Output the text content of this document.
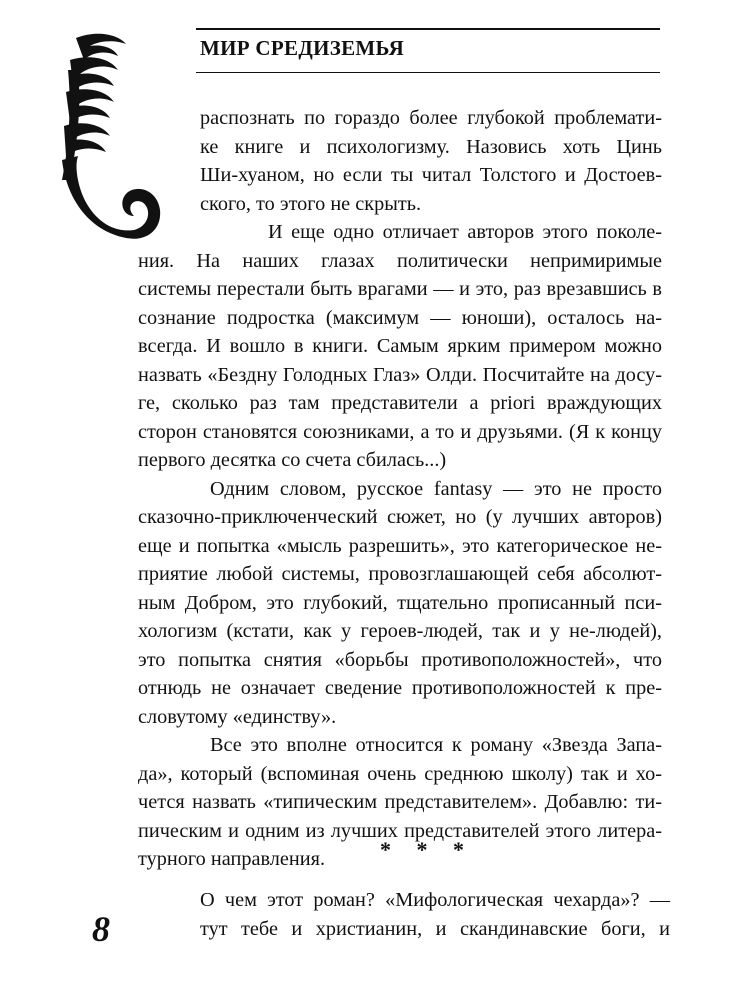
МИР СРЕДИЗЕМЬЯ
распознать по гораздо более глубокой проблемати-
ке книге и психологизму. Назовись хоть Цинь
Ши-хуаном, но если ты читал Толстого и Достоев-
ского, то этого не скрыть.
И еще одно отличает авторов этого поколе-
ния. На наших глазах политически непримиримые
системы перестали быть врагами — и это, раз врезавшись в
сознание подростка (максимум — юноши), осталось на-
всегда. И вошло в книги. Самым ярким примером можно
назвать «Бездну Голодных Глаз» Олди. Посчитайте на досу-
ге, сколько раз там представители a priori враждующих
сторон становятся союзниками, а то и друзьями. (Я к концу
первого десятка со счета сбилась...)
Одним словом, русское fantasy — это не просто
сказочно-приключенческий сюжет, но (у лучших авторов)
еще и попытка «мысль разрешить», это категорическое не-
приятие любой системы, провозглашающей себя абсолют-
ным Добром, это глубокий, тщательно прописанный пси-
хологизм (кстати, как у героев-людей, так и у не-людей),
это попытка снятия «борьбы противоположностей», что
отнюдь не означает сведение противоположностей к пре-
словутому «единству».
Все это вполне относится к роману «Звезда Запа-
да», который (вспоминая очень среднюю школу) так и хо-
чется назвать «типическим представителем». Добавлю: ти-
пическим и одним из лучших представителей этого литера-
турного направления.	* * *
О чем этот роман? «Мифологическая чехарда»? —
тут тебе и христианин, и скандинавские боги, и
8
